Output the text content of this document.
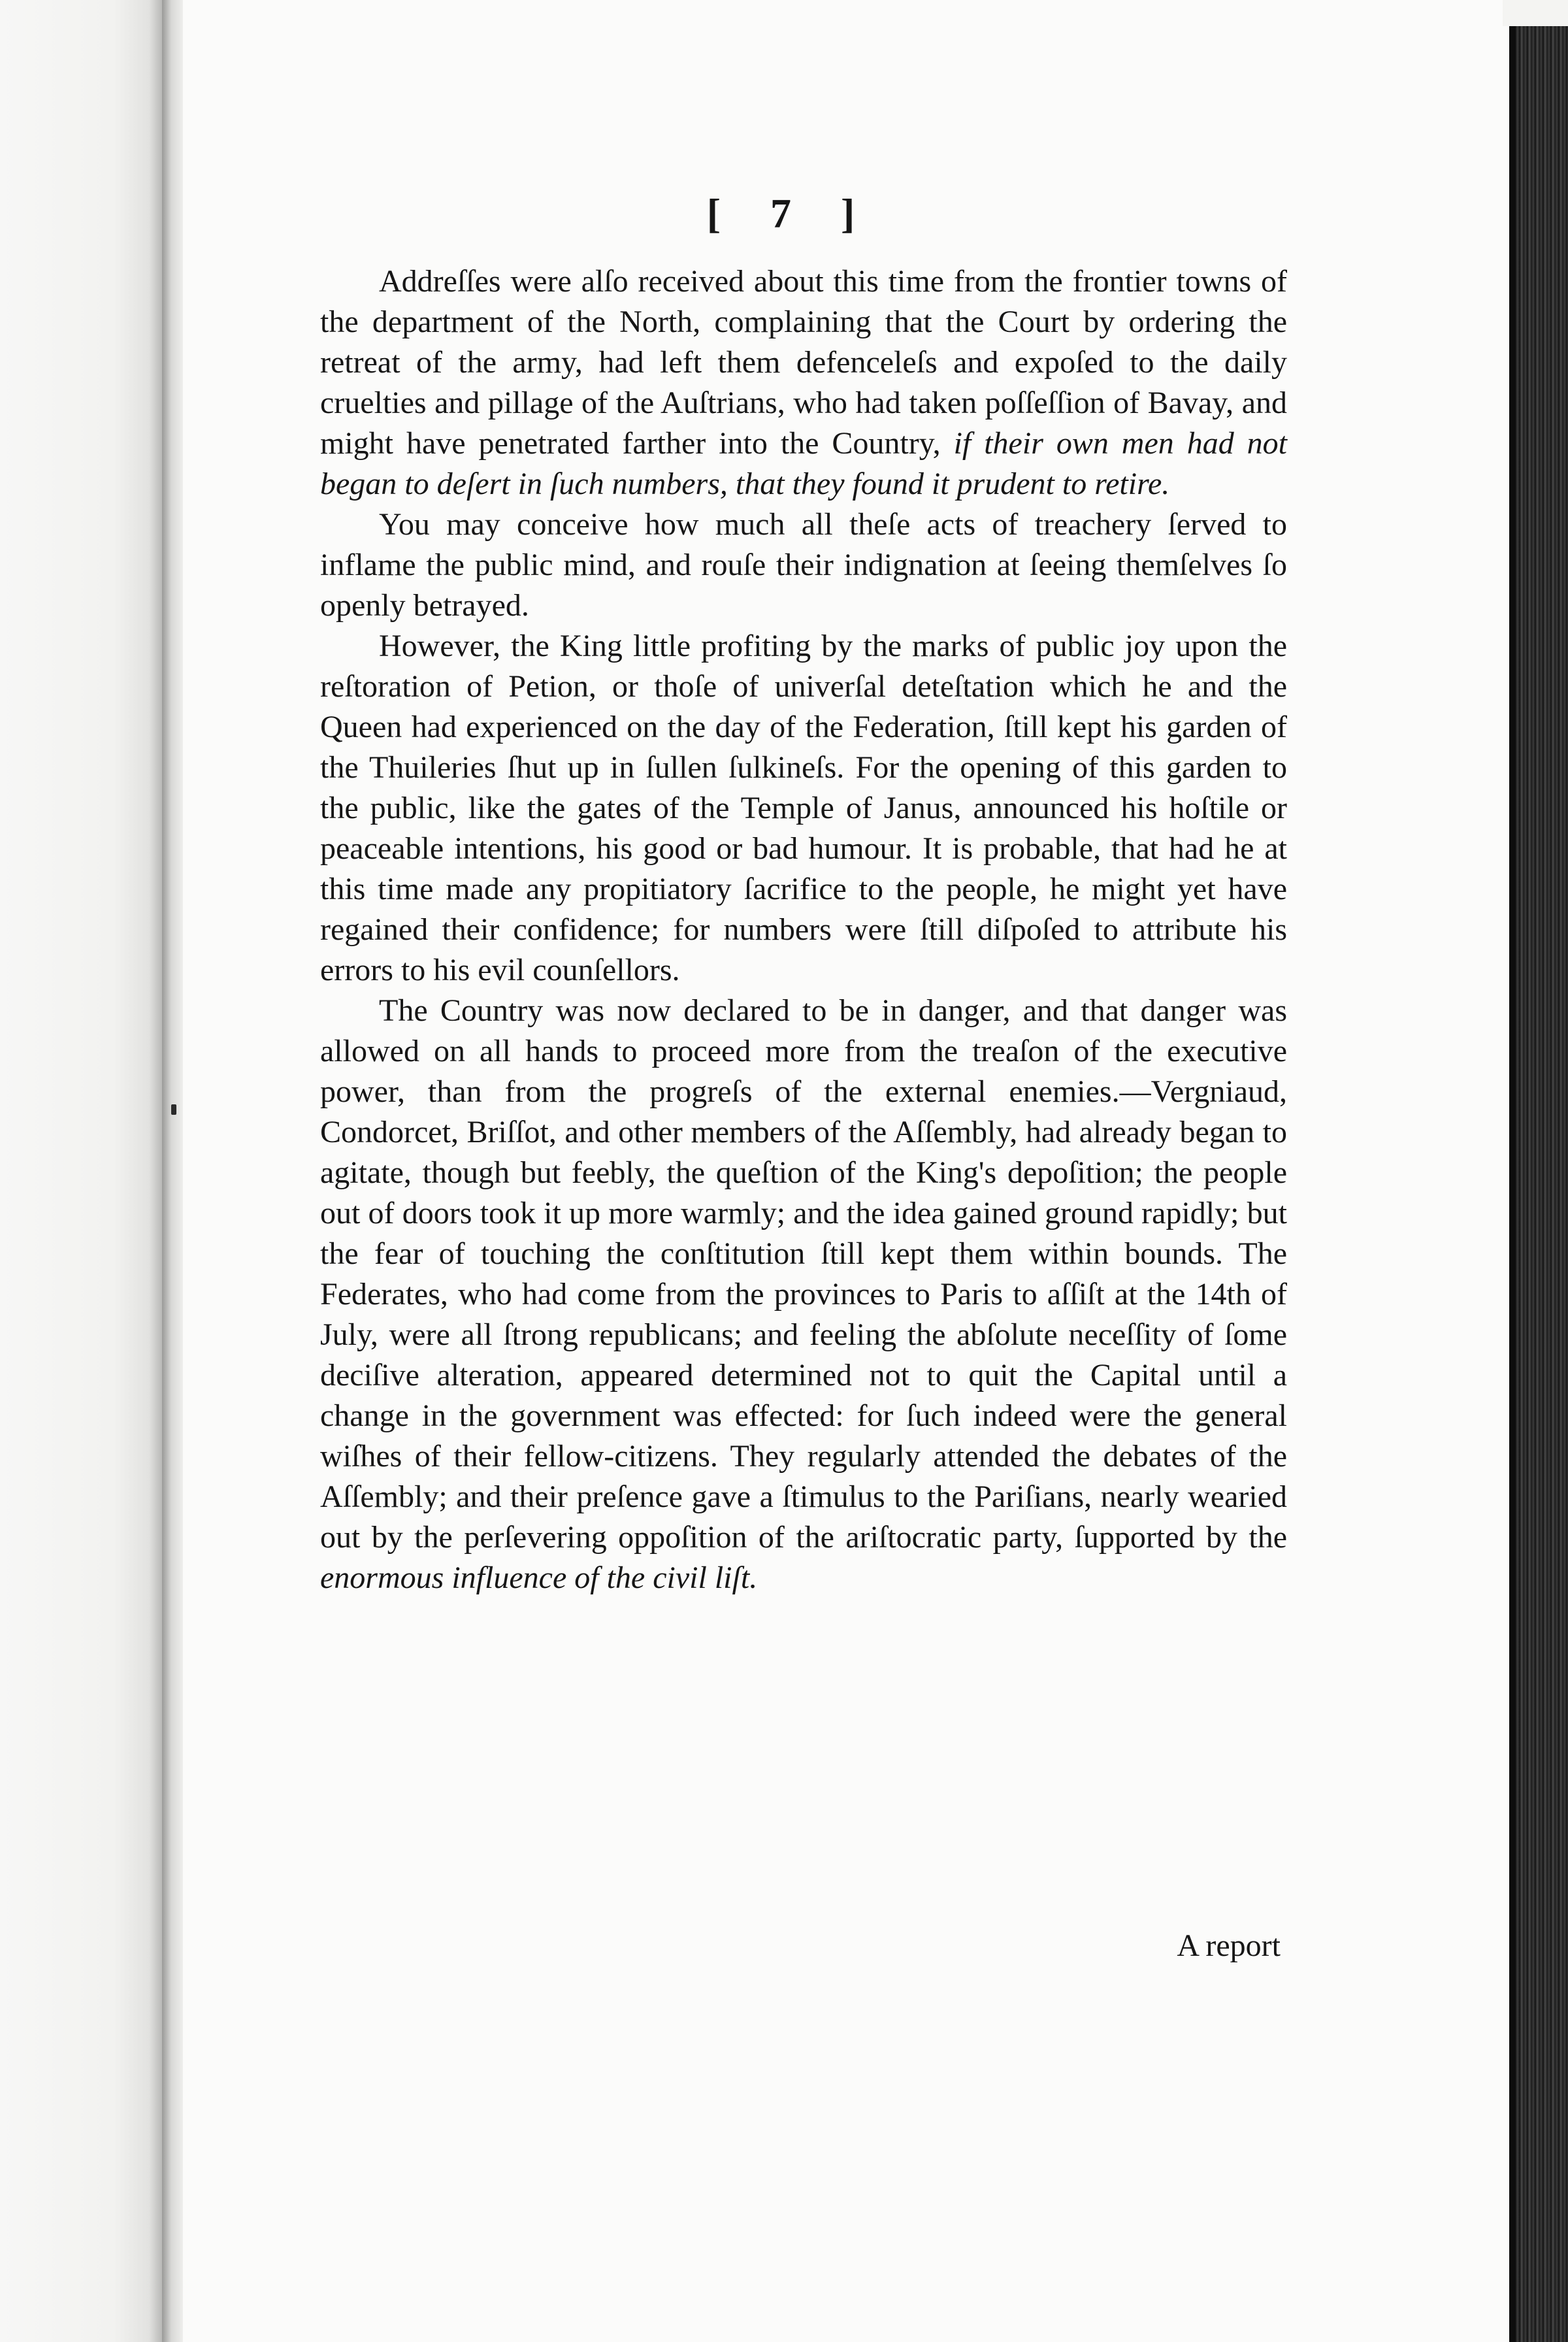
[ 7 ]

Addreſſes were alſo received about this time from the frontier towns of the department of the North, complaining that the Court by ordering the retreat of the army, had left them defenceleſs and expoſed to the daily cruelties and pillage of the Auſtrians, who had taken poſſeſſion of Bavay, and might have penetrated farther into the Country, if their own men had not began to deſert in ſuch numbers, that they found it prudent to retire.

You may conceive how much all theſe acts of treachery ſerved to inflame the public mind, and rouſe their indignation at ſeeing themſelves ſo openly betrayed.

However, the King little profiting by the marks of public joy upon the reſtoration of Petion, or thoſe of univerſal deteſtation which he and the Queen had experienced on the day of the Federation, ſtill kept his garden of the Thuileries ſhut up in ſullen ſulkineſs. For the opening of this garden to the public, like the gates of the Temple of Janus, announced his hoſtile or peaceable intentions, his good or bad humour. It is probable, that had he at this time made any propitiatory ſacrifice to the people, he might yet have regained their confidence; for numbers were ſtill diſpoſed to attribute his errors to his evil counſellors.

The Country was now declared to be in danger, and that danger was allowed on all hands to proceed more from the treaſon of the executive power, than from the progreſs of the external enemies.—Vergniaud, Condorcet, Briſſot, and other members of the Aſſembly, had already began to agitate, though but feebly, the queſtion of the King's depoſition; the people out of doors took it up more warmly; and the idea gained ground rapidly; but the fear of touching the conſtitution ſtill kept them within bounds. The Federates, who had come from the provinces to Paris to aſſiſt at the 14th of July, were all ſtrong republicans; and feeling the abſolute neceſſity of ſome deciſive alteration, appeared determined not to quit the Capital until a change in the government was effected: for ſuch indeed were the general wiſhes of their fellow-citizens. They regularly attended the debates of the Aſſembly; and their preſence gave a ſtimulus to the Pariſians, nearly wearied out by the perſevering oppoſition of the ariſtocratic party, ſupported by the enormous influence of the civil liſt.

A report
